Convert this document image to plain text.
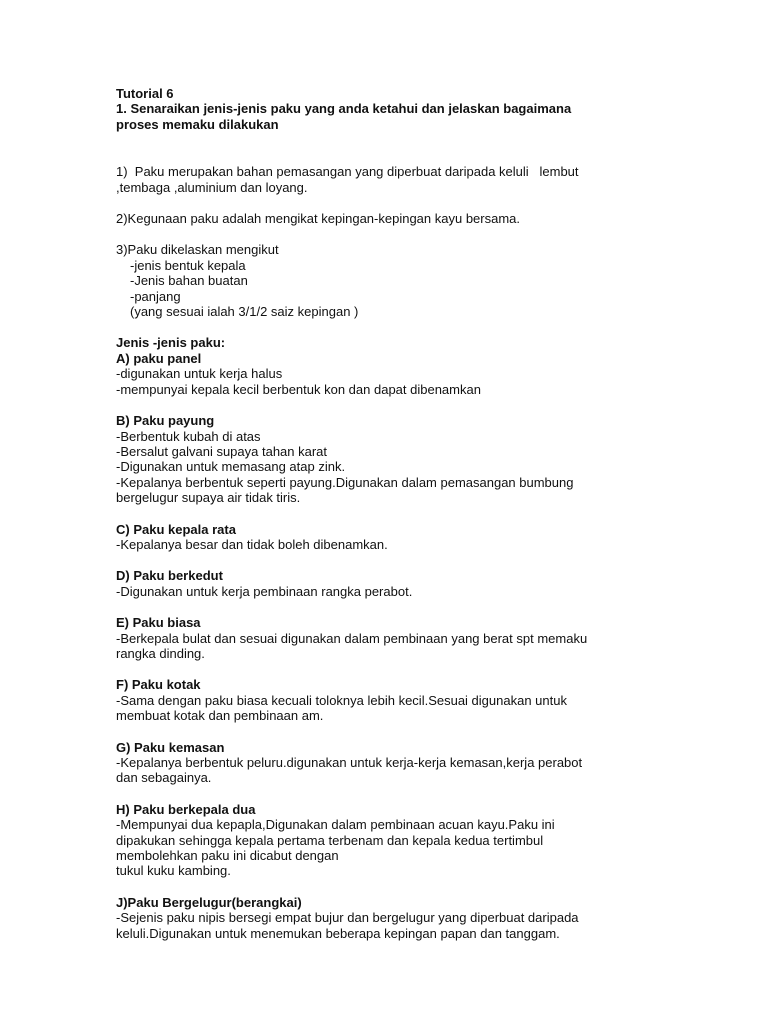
Tutorial 6
1. Senaraikan jenis-jenis paku yang anda ketahui dan jelaskan bagaimana
proses memaku dilakukan
1)  Paku merupakan bahan pemasangan yang diperbuat daripada keluli   lembut
,tembaga ,aluminium dan loyang.
2)Kegunaan paku adalah mengikat kepingan-kepingan kayu bersama.
3)Paku dikelaskan mengikut
-jenis bentuk kepala
-Jenis bahan buatan
-panjang
(yang sesuai ialah 3/1/2 saiz kepingan )
Jenis -jenis paku:
A) paku panel
-digunakan untuk kerja halus
-mempunyai kepala kecil berbentuk kon dan dapat dibenamkan
B) Paku payung
-Berbentuk kubah di atas
-Bersalut galvani supaya tahan karat
-Digunakan untuk memasang atap zink.
-Kepalanya berbentuk seperti payung.Digunakan dalam pemasangan bumbung
bergelugur supaya air tidak tiris.
C) Paku kepala rata
-Kepalanya besar dan tidak boleh dibenamkan.
D) Paku berkedut
-Digunakan untuk kerja pembinaan rangka perabot.
E) Paku biasa
-Berkepala bulat dan sesuai digunakan dalam pembinaan yang berat spt memaku
rangka dinding.
F) Paku kotak
-Sama dengan paku biasa kecuali toloknya lebih kecil.Sesuai digunakan untuk
membuat kotak dan pembinaan am.
G) Paku kemasan
-Kepalanya berbentuk peluru.digunakan untuk kerja-kerja kemasan,kerja perabot
dan sebagainya.
H) Paku berkepala dua
-Mempunyai dua kepapla,Digunakan dalam pembinaan acuan kayu.Paku ini
dipakukan sehingga kepala pertama terbenam dan kepala kedua tertimbul
membolehkan paku ini dicabut dengan
tukul kuku kambing.
J)Paku Bergelugur(berangkai)
-Sejenis paku nipis bersegi empat bujur dan bergelugur yang diperbuat daripada
keluli.Digunakan untuk menemukan beberapa kepingan papan dan tanggam.
